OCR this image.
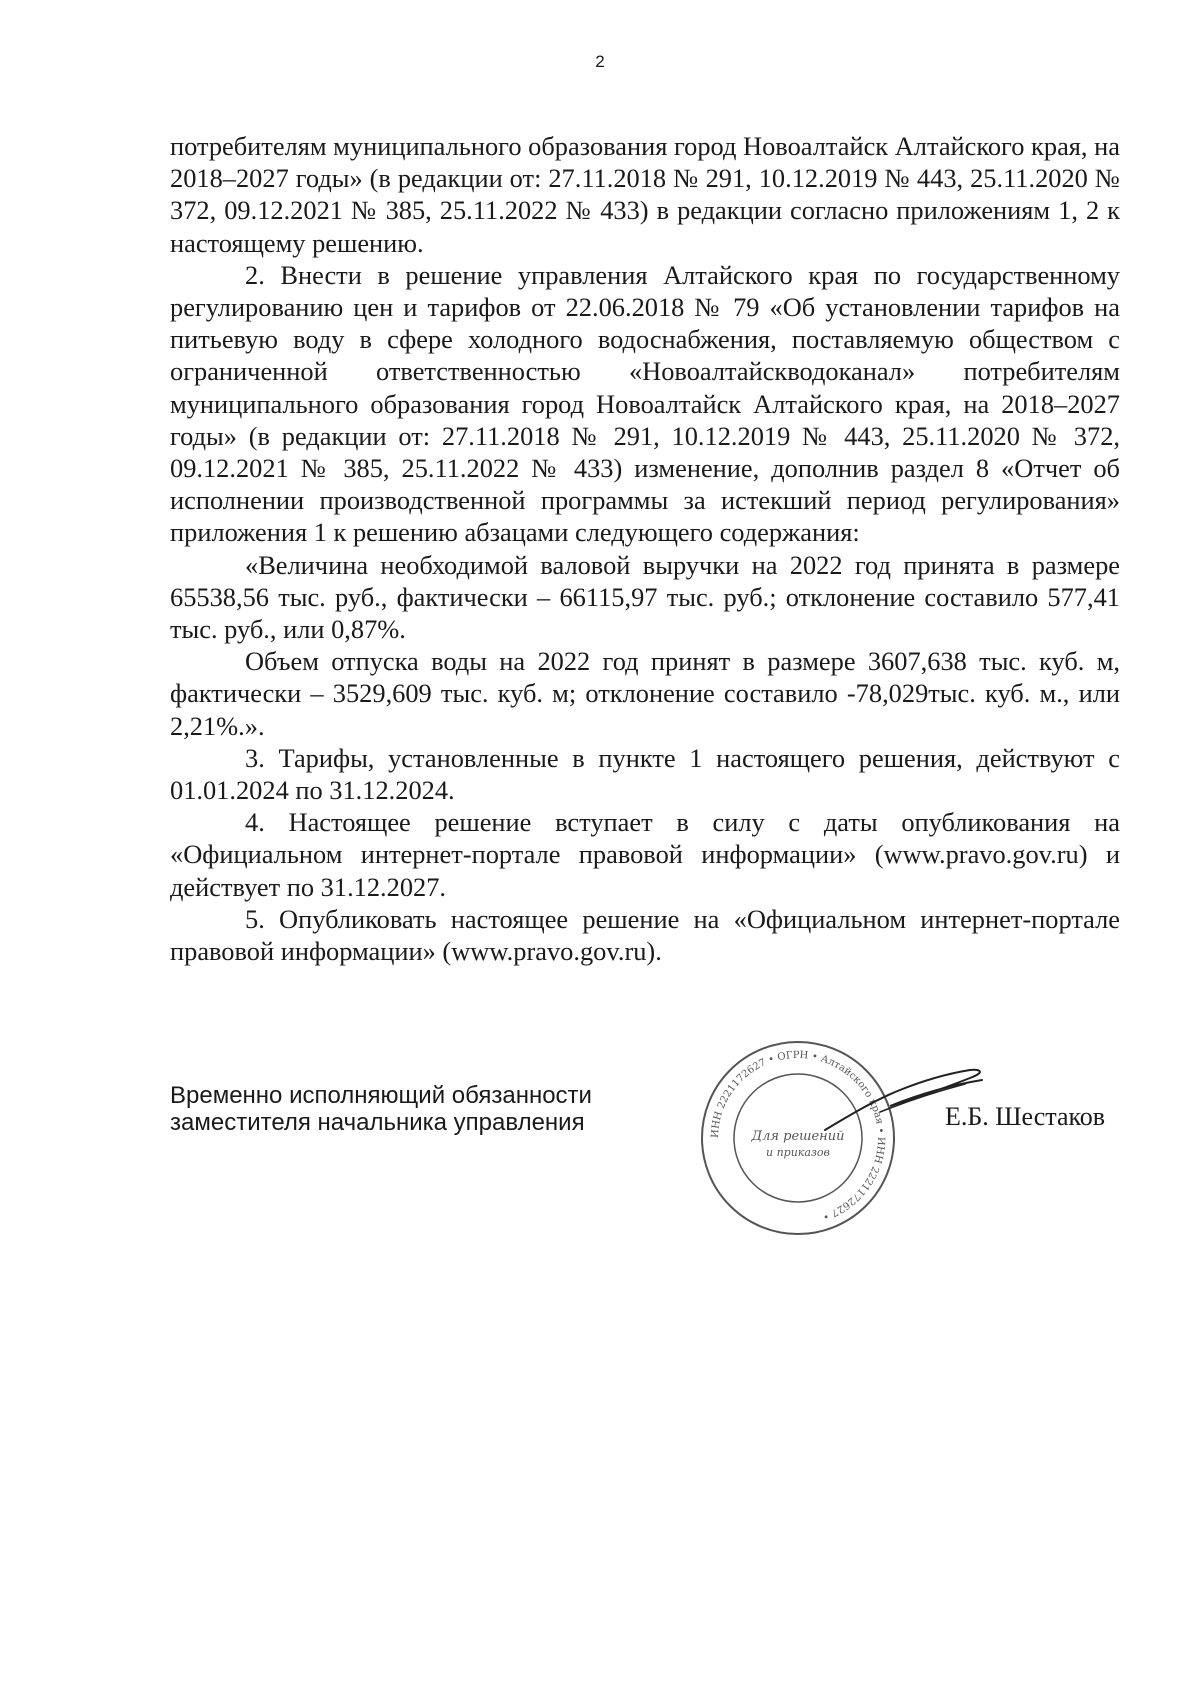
2

потребителям муниципального образования город Новоалтайск Алтайского края, на 2018–2027 годы» (в редакции от: 27.11.2018 № 291, 10.12.2019 № 443, 25.11.2020 № 372, 09.12.2021 № 385, 25.11.2022 № 433) в редакции согласно приложениям 1, 2 к настоящему решению.

2. Внести в решение управления Алтайского края по государственному регулированию цен и тарифов от 22.06.2018 № 79 «Об установлении тарифов на питьевую воду в сфере холодного водоснабжения, поставляемую обществом с ограниченной ответственностью «Новоалтайскводоканал» потребителям муниципального образования город Новоалтайск Алтайского края, на 2018–2027 годы» (в редакции от: 27.11.2018 № 291, 10.12.2019 № 443, 25.11.2020 № 372, 09.12.2021 № 385, 25.11.2022 № 433) изменение, дополнив раздел 8 «Отчет об исполнении производственной программы за истекший период регулирования» приложения 1 к решению абзацами следующего содержания:

«Величина необходимой валовой выручки на 2022 год принята в размере 65538,56 тыс. руб., фактически – 66115,97 тыс. руб.; отклонение составило 577,41 тыс. руб., или 0,87%.

Объем отпуска воды на 2022 год принят в размере 3607,638 тыс. куб. м, фактически – 3529,609 тыс. куб. м; отклонение составило -78,029тыс. куб. м., или 2,21%.».

3. Тарифы, установленные в пункте 1 настоящего решения, действуют с 01.01.2024 по 31.12.2024.

4. Настоящее решение вступает в силу с даты опубликования на «Официальном интернет-портале правовой информации» (www.pravo.gov.ru) и действует по 31.12.2027.

5. Опубликовать настоящее решение на «Официальном интернет-портале правовой информации» (www.pravo.gov.ru).

Временно исполняющий обязанности
заместителя начальника управления	ИНН 2221172627 • ОГРН • Алтайского края • ИНН 2221172627 •
Для решений
и приказов
Е.Б. Шестаков
